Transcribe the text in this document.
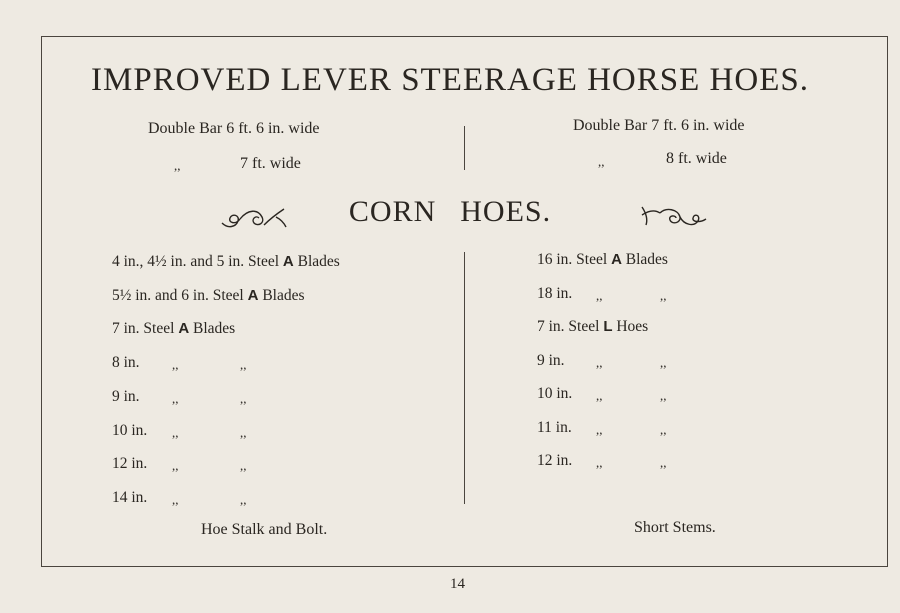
IMPROVED LEVER STEERAGE HORSE HOES.
Double Bar 6 ft. 6 in. wide
,,	7 ft. wide
Double Bar 7 ft. 6 in. wide
,,	8 ft. wide
CORN HOES.
4 in., 4½ in. and 5 in. Steel A Blades
5½ in. and 6 in. Steel A Blades
7 in. Steel A Blades
8 in. ,,	,,
9 in. ,,	,,
10 in. ,,	,,
12 in. ,,	,,
14 in. ,,	,,
16 in. Steel A Blades
18 in. ,,	,,
7 in. Steel L Hoes
9 in. ,,	,,
10 in. ,,	,,
11 in. ,,	,,
12 in. ,,	,,
Hoe Stalk and Bolt.	Short Stems.
14
